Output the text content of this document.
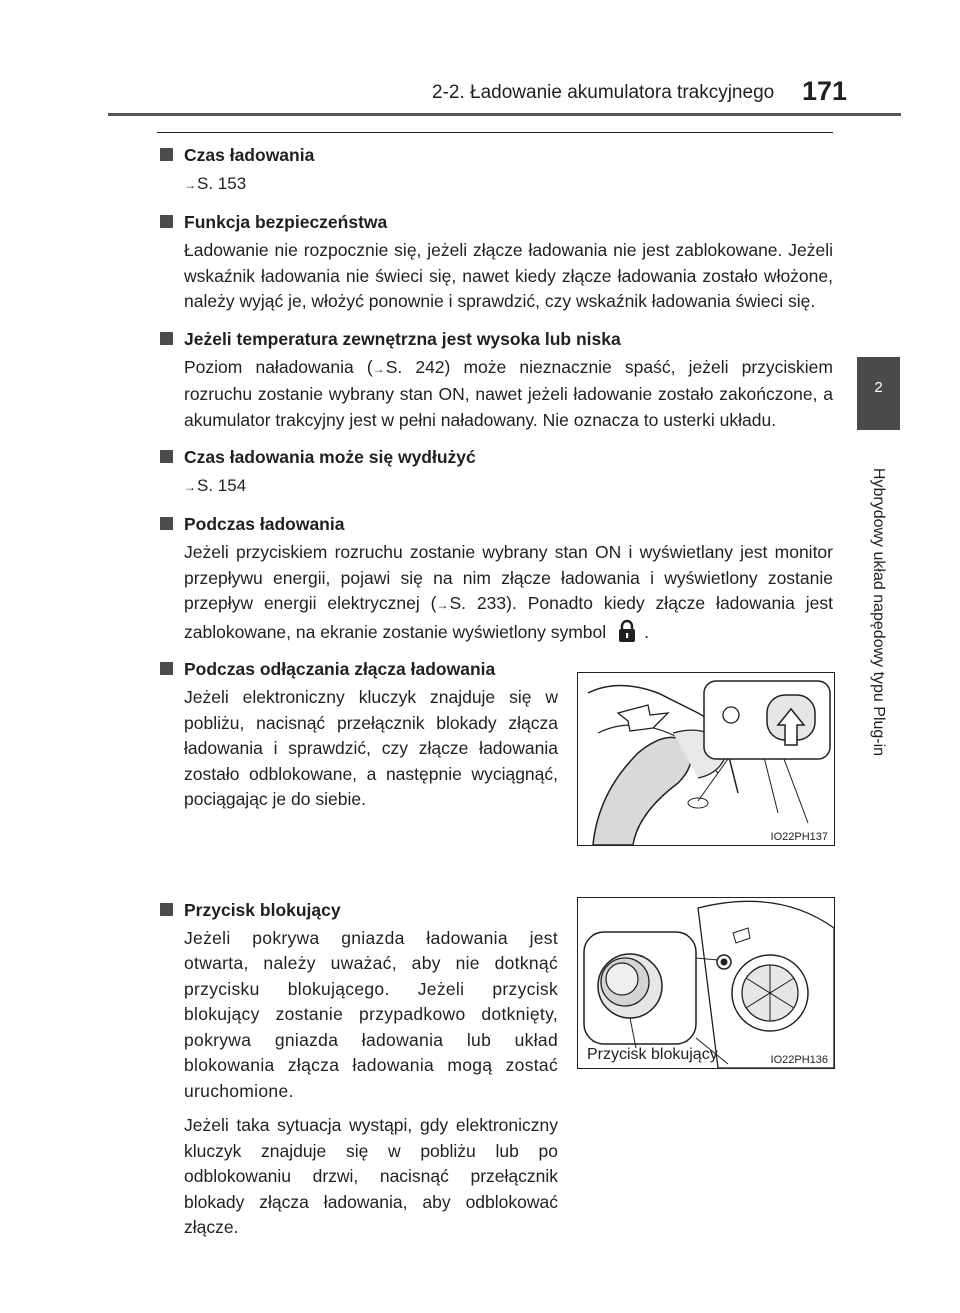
2-2. Ładowanie akumulatora trakcyjnego 171
2
Hybrydowy układ napędowy typu Plug-in
Czas ładowania
→S. 153
Funkcja bezpieczeństwa
Ładowanie nie rozpocznie się, jeżeli złącze ładowania nie jest zablokowane. Jeżeli wskaźnik ładowania nie świeci się, nawet kiedy złącze ładowania zostało włożone, należy wyjąć je, włożyć ponownie i sprawdzić, czy wskaźnik ładowania świeci się.
Jeżeli temperatura zewnętrzna jest wysoka lub niska
Poziom naładowania (→S. 242) może nieznacznie spaść, jeżeli przyciskiem rozruchu zostanie wybrany stan ON, nawet jeżeli ładowanie zostało zakończone, a akumulator trakcyjny jest w pełni naładowany. Nie oznacza to usterki układu.
Czas ładowania może się wydłużyć
→S. 154
Podczas ładowania
Jeżeli przyciskiem rozruchu zostanie wybrany stan ON i wyświetlany jest monitor przepływu energii, pojawi się na nim złącze ładowania i wyświetlony zostanie przepływ energii elektrycznej (→S. 233). Ponadto kiedy złącze ładowania jest zablokowane, na ekranie zostanie wyświetlony symbol .
Podczas odłączania złącza ładowania
Jeżeli elektroniczny kluczyk znajduje się w pobliżu, nacisnąć przełącznik blokady złącza ładowania i sprawdzić, czy złącze ładowania zostało odblokowane, a następnie wyciągnąć, pociągając je do siebie.
Przycisk blokujący
Jeżeli pokrywa gniazda ładowania jest otwarta, należy uważać, aby nie dotknąć przycisku blokującego. Jeżeli przycisk blokujący zostanie przypadkowo dotknięty, pokrywa gniazda ładowania lub układ blokowania złącza ładowania mogą zostać uruchomione.
Jeżeli taka sytuacja wystąpi, gdy elektroniczny kluczyk znajduje się w pobliżu lub po odblokowaniu drzwi, nacisnąć przełącznik blokady złącza ładowania, aby odblokować złącze.
IO22PH137
Przycisk blokujący	IO22PH136
